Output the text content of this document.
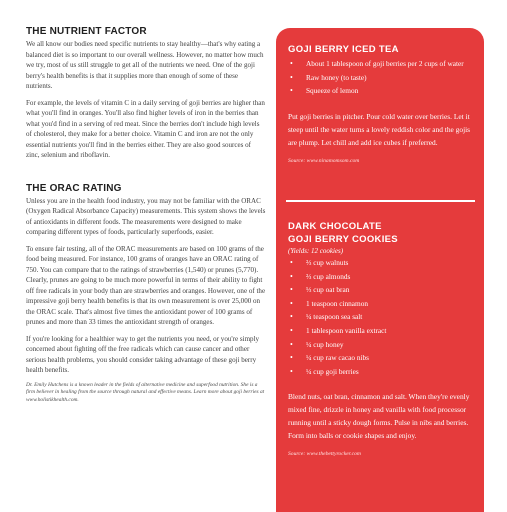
THE NUTRIENT FACTOR

We all know our bodies need specific nutrients to stay healthy—that's why eating a balanced diet is so important to our overall wellness. However, no matter how much we try, most of us still struggle to get all of the nutrients we need. One of the goji berry's health benefits is that it supplies more than enough of some of these nutrients.

For example, the levels of vitamin C in a daily serving of goji berries are higher than what you'll find in oranges. You'll also find higher levels of iron in the berries than what you'd find in a serving of red meat. Since the berries don't include high levels of cholesterol, they make for a better choice. Vitamin C and iron are not the only essential nutrients you'll find in the berries either. They are also good sources of zinc, selenium and riboflavin.

THE ORAC RATING

Unless you are in the health food industry, you may not be familiar with the ORAC (Oxygen Radical Absorbance Capacity) measurements. This system shows the levels of antioxidants in different foods. The measurements were designed to make comparing different types of foods, particularly superfoods, easier.

To ensure fair testing, all of the ORAC measurements are based on 100 grams of the food being measured. For instance, 100 grams of oranges have an ORAC rating of 750. You can compare that to the ratings of strawberries (1,540) or prunes (5,770). Clearly, prunes are going to be much more powerful in terms of their ability to fight off free radicals in your body than are strawberries and oranges. However, one of the impressive goji berry health benefits is that its own measurement is over 25,000 on the ORAC scale. That's almost five times the antioxidant power of 100 grams of prunes and more than 33 times the antioxidant strength of oranges.

If you're looking for a healthier way to get the nutrients you need, or you're simply concerned about fighting off the free radicals which can cause cancer and other serious health problems, you should consider taking advantage of these goji berry health benefits.

Dr. Emily Hutchens is a known leader in the fields of alternative medicine and superfood nutrition. She is a firm believer in healing from the source through natural and effective means. Learn more about goji berries at www.holistikhealth.com.
GOJI BERRY ICED TEA
• About 1 tablespoon of goji berries per 2 cups of water
• Raw honey (to taste)
• Squeeze of lemon

Put goji berries in pitcher. Pour cold water over berries. Let it steep until the water turns a lovely reddish color and the gojis are plump. Let chill and add ice cubes if preferred.

Source: www.ninamomsom.com
DARK CHOCOLATE
GOJI BERRY COOKIES
(Yields: 12 cookies)
• ⅔ cup walnuts
• ⅔ cup almonds
• ⅓ cup oat bran
• 1 teaspoon cinnamon
• ¼ teaspoon sea salt
• 1 tablespoon vanilla extract
• ¼ cup honey
• ¼ cup raw cacao nibs
• ¼ cup goji berries

Blend nuts, oat bran, cinnamon and salt. When they're evenly mixed fine, drizzle in honey and vanilla with food processor running until a sticky dough forms. Pulse in nibs and berries. Form into balls or cookie shapes and enjoy.

Source: www.thebettyrocker.com
